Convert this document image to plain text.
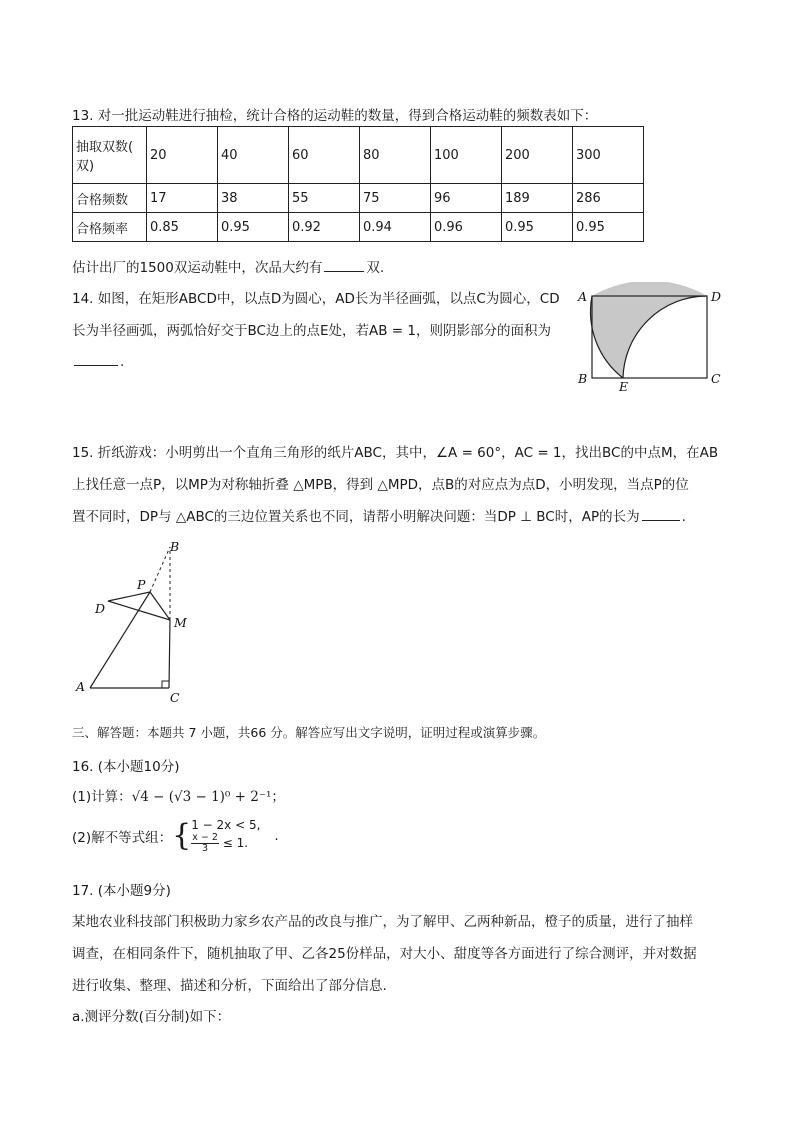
13. 对一批运动鞋进行抽检，统计合格的运动鞋的数量，得到合格运动鞋的频数表如下：
抽取双数(
双)	20	40	60	80	100	200	300
合格频数	17	38	55	75	96	189	286
合格频率	0.85	0.95	0.92	0.94	0.96	0.95	0.95
估计出厂的1500双运动鞋中，次品大约有	双.
14. 如图，在矩形ABCD中，以点D为圆心，AD长为半径画弧，以点C为圆心，CD
长为半径画弧，两弧恰好交于BC边上的点E处，若AB = 1，则阴影部分的面积为
.
A	D
B	C
E
15. 折纸游戏：小明剪出一个直角三角形的纸片ABC，其中，∠A = 60°，AC = 1，找出BC的中点M，在AB
上找任意一点P，以MP为对称轴折叠 △MPB，得到 △MPD，点B的对应点为点D，小明发现，当点P的位
置不同时，DP与 △ABC的三边位置关系也不同，请帮小明解决问题：当DP ⊥ BC时，AP的长为	.
A
C
M
B
P
D
三、解答题：本题共 7 小题，共66 分。解答应写出文字说明，证明过程或演算步骤。
16. (本小题10分)
(1)计算：√4 − (√3 − 1)⁰ + 2⁻¹；
(2)解不等式组：{ 1 − 2x < 5,
$\frac{x - 2}{3} \le 1$.	.
17. (本小题9分)
某地农业科技部门积极助力家乡农产品的改良与推广，为了解甲、乙两种新品，橙子的质量，进行了抽样
调查，在相同条件下，随机抽取了甲、乙各25份样品，对大小、甜度等各方面进行了综合测评，并对数据
进行收集、整理、描述和分析，下面给出了部分信息.
a.测评分数(百分制)如下：
